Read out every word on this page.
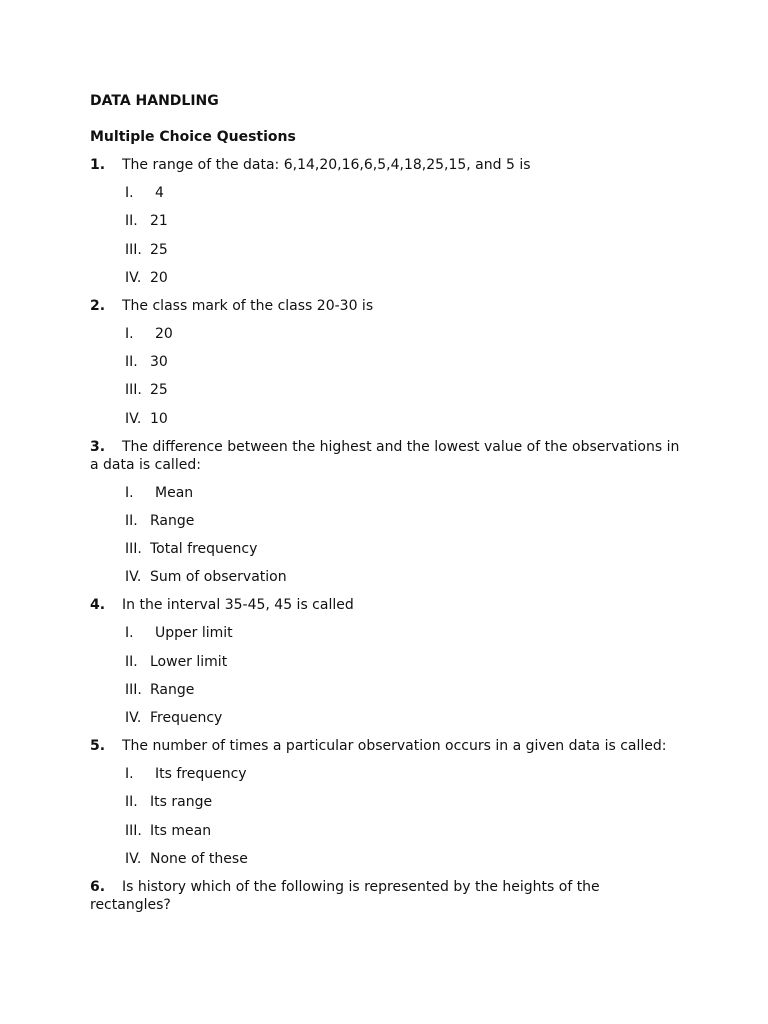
DATA HANDLING
Multiple Choice Questions
1. The range of the data: 6,14,20,16,6,5,4,18,25,15, and 5 is
I. 4
II. 21
III. 25
IV. 20
2. The class mark of the class 20-30 is
I. 20
II. 30
III. 25
IV. 10
3. The difference between the highest and the lowest value of the observations in a data is called:
I. Mean
II. Range
III. Total frequency
IV. Sum of observation
4. In the interval 35-45, 45 is called
I. Upper limit
II. Lower limit
III. Range
IV. Frequency
5. The number of times a particular observation occurs in a given data is called:
I. Its frequency
II. Its range
III. Its mean
IV. None of these
6. Is history which of the following is represented by the heights of the rectangles?
